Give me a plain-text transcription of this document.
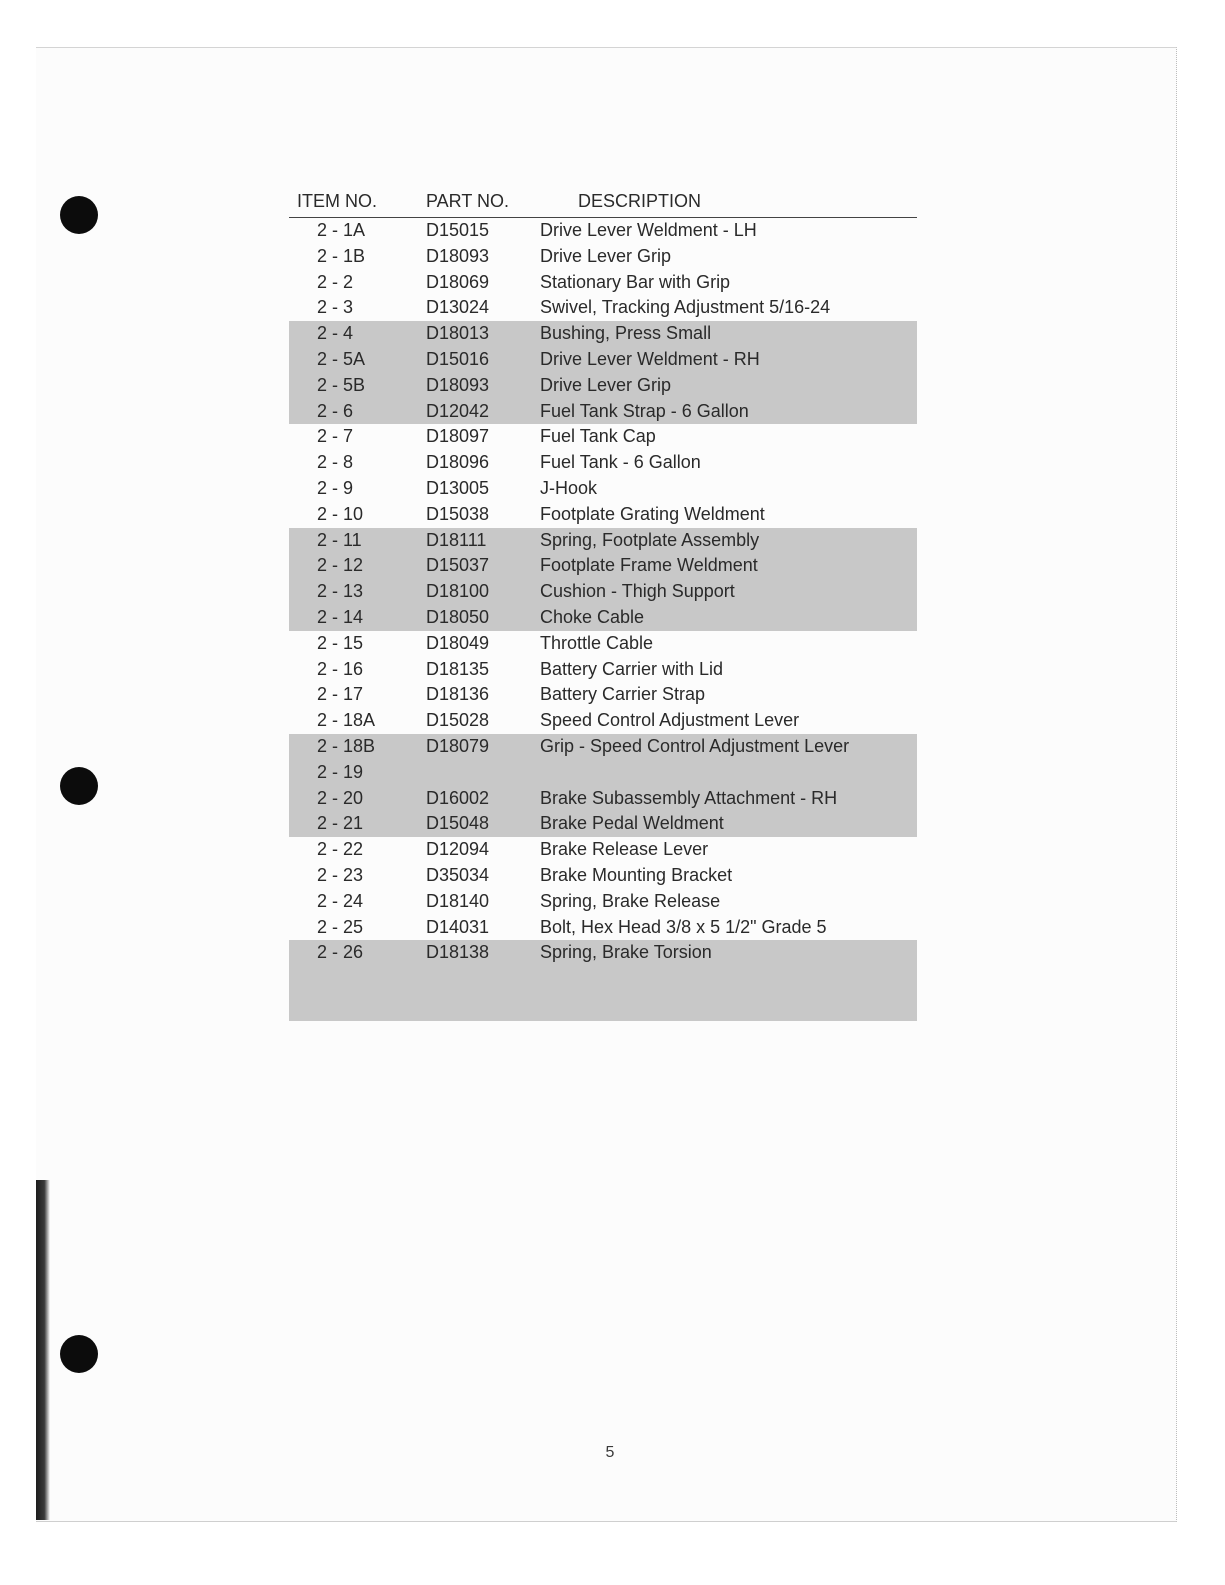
ITEM NO.	PART NO.	DESCRIPTION
2 - 1A	D15015	Drive Lever Weldment - LH
2 - 1B	D18093	Drive Lever Grip
2 - 2	D18069	Stationary Bar with Grip
2 - 3	D13024	Swivel, Tracking Adjustment 5/16-24
2 - 4	D18013	Bushing, Press Small
2 - 5A	D15016	Drive Lever Weldment - RH
2 - 5B	D18093	Drive Lever Grip
2 - 6	D12042	Fuel Tank Strap - 6 Gallon
2 - 7	D18097	Fuel Tank Cap
2 - 8	D18096	Fuel Tank - 6 Gallon
2 - 9	D13005	J-Hook
2 - 10	D15038	Footplate Grating Weldment
2 - 11	D18111	Spring, Footplate Assembly
2 - 12	D15037	Footplate Frame Weldment
2 - 13	D18100	Cushion - Thigh Support
2 - 14	D18050	Choke Cable
2 - 15	D18049	Throttle Cable
2 - 16	D18135	Battery Carrier with Lid
2 - 17	D18136	Battery Carrier Strap
2 - 18A	D15028	Speed Control Adjustment Lever
2 - 18B	D18079	Grip - Speed Control Adjustment Lever
2 - 19
2 - 20	D16002	Brake Subassembly Attachment - RH
2 - 21	D15048	Brake Pedal Weldment
2 - 22	D12094	Brake Release Lever
2 - 23	D35034	Brake Mounting Bracket
2 - 24	D18140	Spring, Brake Release
2 - 25	D14031	Bolt, Hex Head 3/8 x 5 1/2" Grade 5
2 - 26	D18138	Spring, Brake Torsion
5
